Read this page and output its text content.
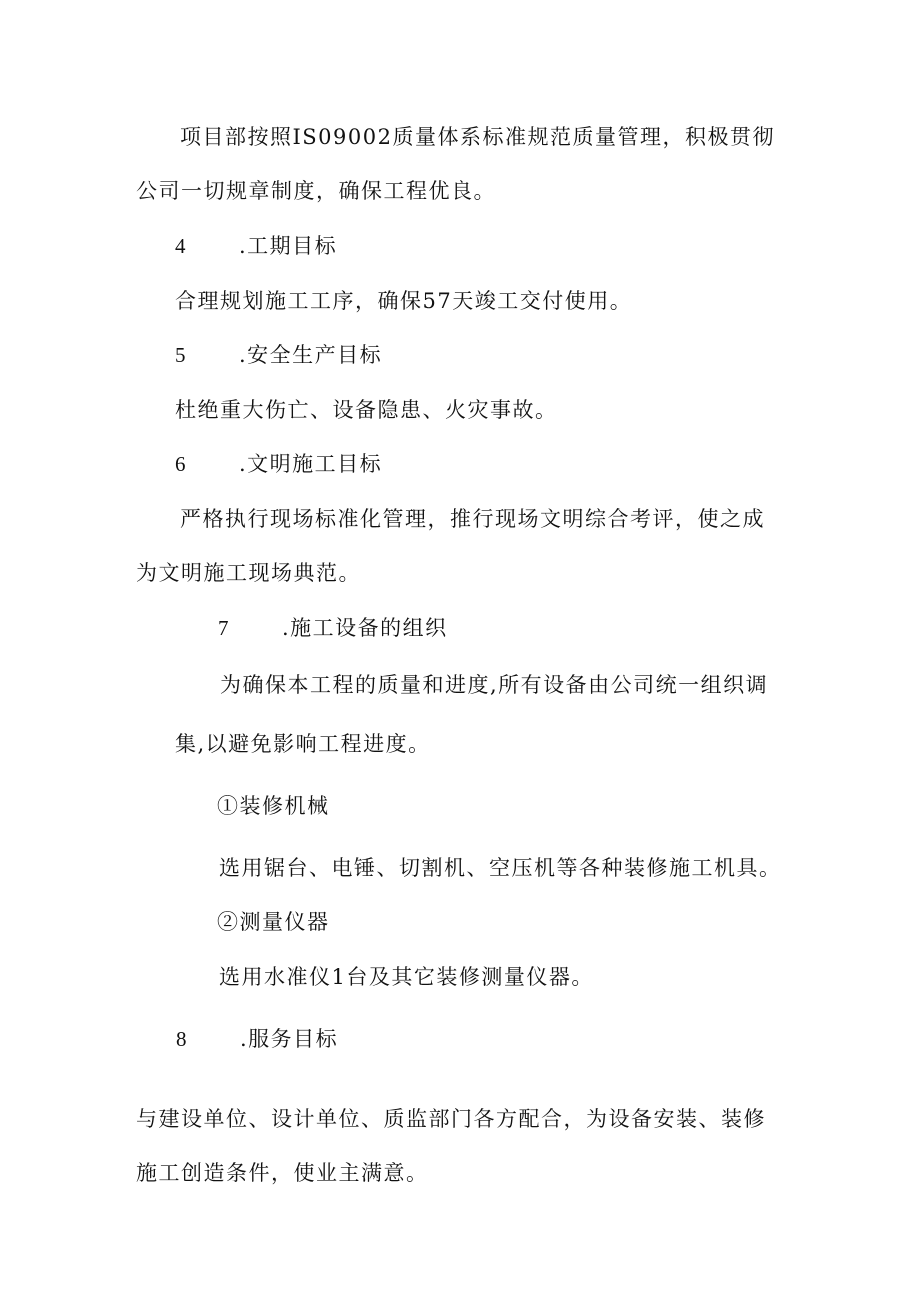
项目部按照IS09002质量体系标准规范质量管理，积极贯彻
公司一切规章制度，确保工程优良。
4 .工期目标
合理规划施工工序，确保57天竣工交付使用。
5 .安全生产目标
杜绝重大伤亡、设备隐患、火灾事故。
6 .文明施工目标
严格执行现场标准化管理，推行现场文明综合考评，使之成
为文明施工现场典范。
7 .施工设备的组织
为确保本工程的质量和进度,所有设备由公司统一组织调
集,以避免影响工程进度。
①装修机械
选用锯台、电锤、切割机、空压机等各种装修施工机具。
②测量仪器
选用水准仪1台及其它装修测量仪器。
8 .服务目标
与建设单位、设计单位、质监部门各方配合，为设备安装、装修
施工创造条件，使业主满意。
